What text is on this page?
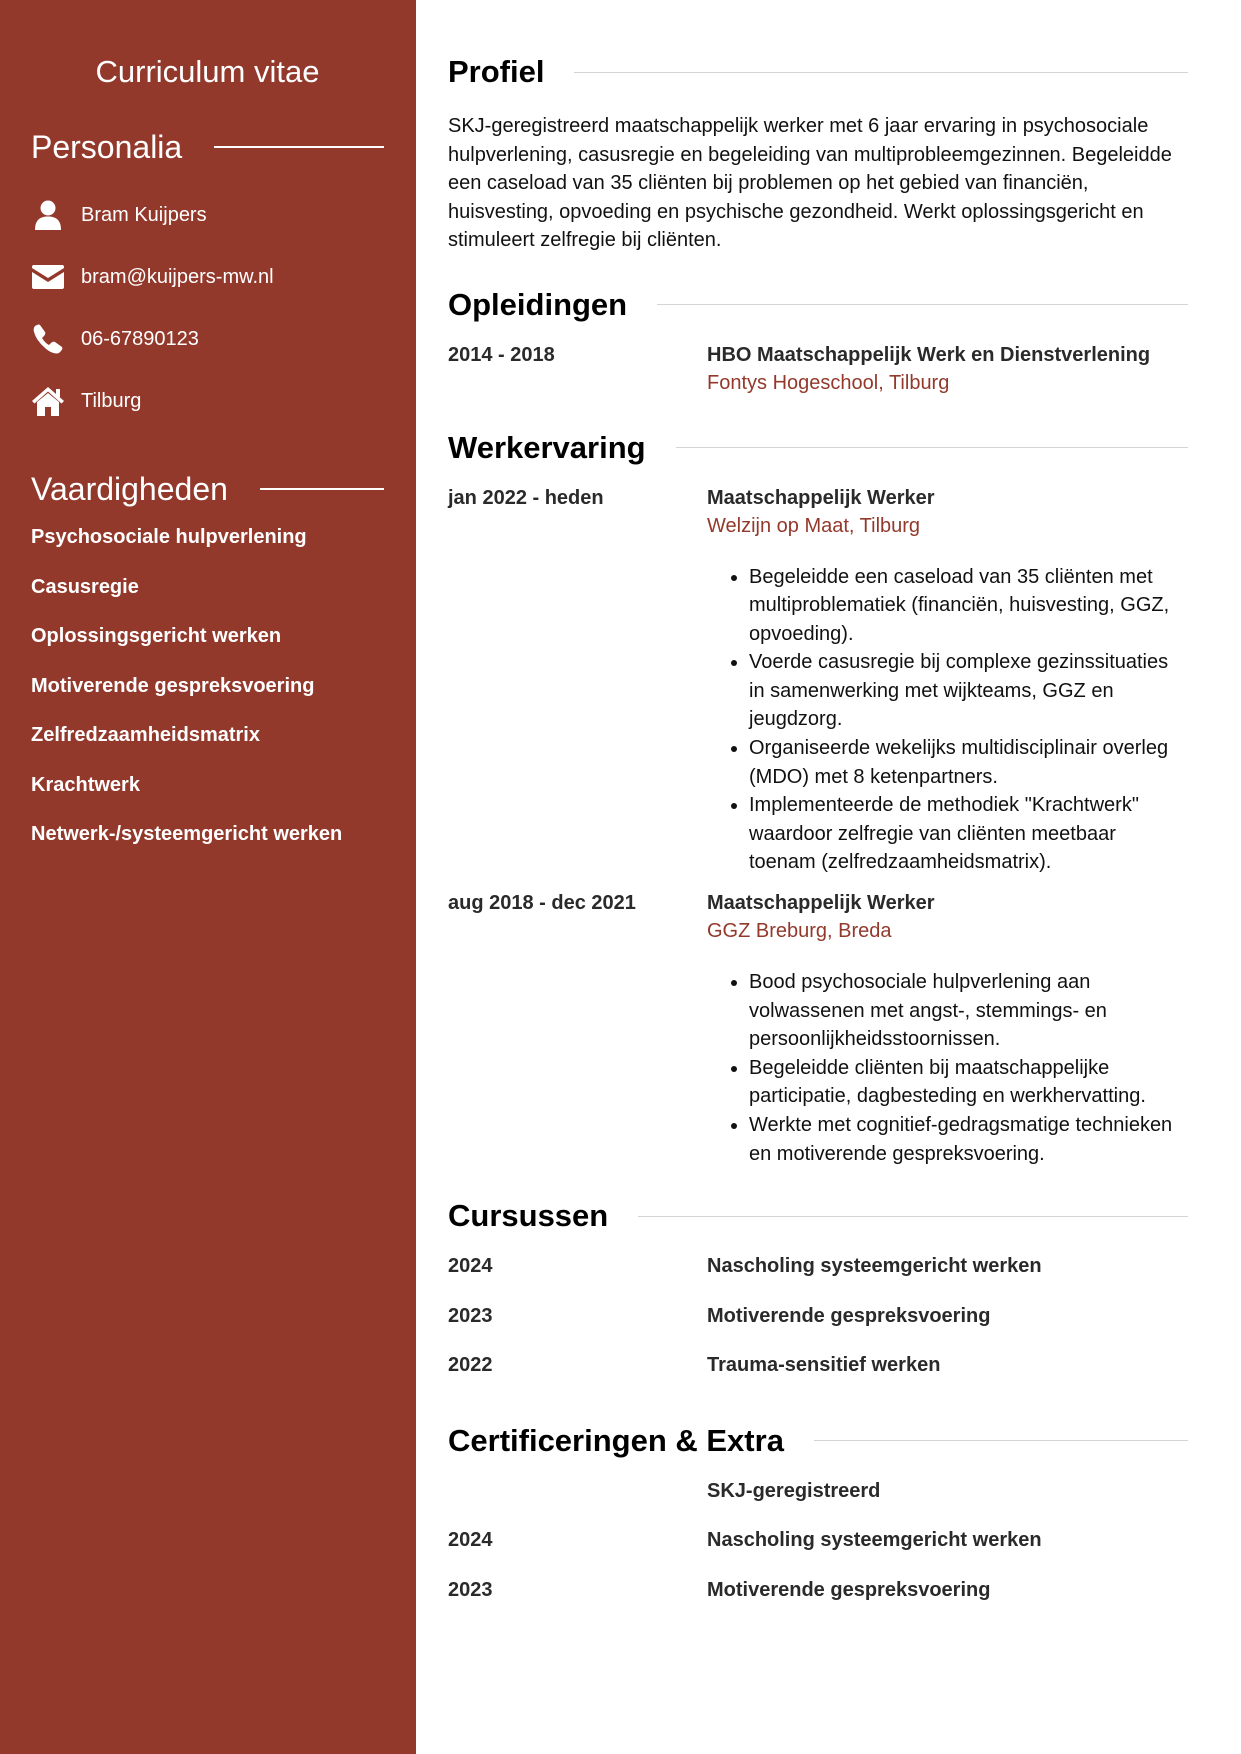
Curriculum vitae
Personalia
Bram Kuijpers
bram@kuijpers-mw.nl
06-67890123
Tilburg
Vaardigheden
Psychosociale hulpverlening
Casusregie
Oplossingsgericht werken
Motiverende gespreksvoering
Zelfredzaamheidsmatrix
Krachtwerk
Netwerk-/systeemgericht werken
Profiel

SKJ-geregistreerd maatschappelijk werker met 6 jaar ervaring in psychosociale hulpverlening, casusregie en begeleiding van multiprobleemgezinnen. Begeleidde een caseload van 35 cliënten bij problemen op het gebied van financiën, huisvesting, opvoeding en psychische gezondheid. Werkt oplossingsgericht en stimuleert zelfregie bij cliënten.

Opleidingen
2014 - 2018	HBO Maatschappelijk Werk en Dienstverlening
Fontys Hogeschool, Tilburg
Werkervaring
jan 2022 - heden	Maatschappelijk Werker
Welzijn op Maat, Tilburg
• Begeleidde een caseload van 35 cliënten met multiproblematiek (financiën, huisvesting, GGZ, opvoeding).
• Voerde casusregie bij complexe gezinssituaties in samenwerking met wijkteams, GGZ en jeugdzorg.
• Organiseerde wekelijks multidisciplinair overleg (MDO) met 8 ketenpartners.
• Implementeerde de methodiek "Krachtwerk" waardoor zelfregie van cliënten meetbaar toenam (zelfredzaamheidsmatrix).
aug 2018 - dec 2021	Maatschappelijk Werker
GGZ Breburg, Breda
• Bood psychosociale hulpverlening aan volwassenen met angst-, stemmings- en persoonlijkheidsstoornissen.
• Begeleidde cliënten bij maatschappelijke participatie, dagbesteding en werkhervatting.
• Werkte met cognitief-gedragsmatige technieken en motiverende gespreksvoering.
Cursussen
2024	Nascholing systeemgericht werken
2023	Motiverende gespreksvoering
2022	Trauma-sensitief werken
Certificeringen & Extra
SKJ-geregistreerd
2024	Nascholing systeemgericht werken
2023	Motiverende gespreksvoering
